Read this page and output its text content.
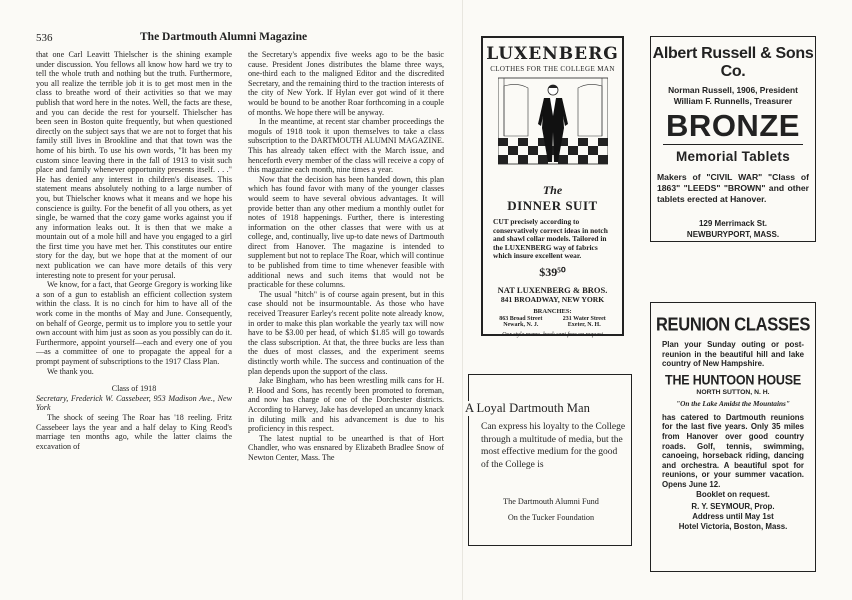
536	The Dartmouth Alumni Magazine

that one Carl Leavitt Thielscher is the shining example under discussion. You fellows all know how hard we try to tell the whole truth and nothing but the truth. Furthermore, you all realize the terrible job it is to get most men in the class to breathe word of their activities so that we may publish that word here in the notes. Well, the facts are these, and you can decide the rest for yourself. Thielscher has been seen in Boston quite frequently, but when questioned directly on the subject says that we are not to forget that his family still lives in Brookline and that that town was the home of his birth. To use his own words, "It has been my custom since leaving there in the fall of 1913 to visit such place and family whenever opportunity presents itself. . . ." He has denied any interest in children's diseases. This statement means absolutely nothing to a large number of you, but Thielscher knows what it means and we hope his conscience is guilty. For the benefit of all you others, as yet single, be warned that the cozy game works against you if any information leaks out. It is then that we make a mountain out of a mole hill and have you engaged to a girl the first time you have met her. This constitutes our entire story for the day, but we hope that at the moment of our next publication we can have more details of this very interesting note to present for your perusal.

We know, for a fact, that George Gregory is working like a son of a gun to establish an efficient collection system within the class. It is no cinch for him to have all of the work come in the months of May and June. Consequently, on behalf of George, permit us to implore you to settle your own account with him just as soon as you possibly can do it. Furthermore, appoint yourself—each and every one of you—as a committee of one to propagate the appeal for a prompt payment of subscriptions to the 1917 Class Plan.

We thank you.

Class of 1918

Secretary, Frederick W. Cassebeer, 953 Madison Ave., New York

The shock of seeing The Roar has '18 reeling. Fritz Cassebeer lays the year and a half delay to King Reod's marriage ten months ago, while the latter claims the excavation of

the Secretary's appendix five weeks ago to be the basic cause. President Jones distributes the blame three ways, one-third each to the maligned Editor and the discredited Secretary, and the remaining third to the traction interests of the city of New York. If Hylan ever got wind of it there would be bound to be another Roar forthcoming in a couple of months. We hope there will be anyway.

In the meantime, at recent star chamber proceedings the moguls of 1918 took it upon themselves to take a class subscription to the DARTMOUTH ALUMNI MAGAZINE. This has already taken effect with the March issue, and henceforth every member of the class will receive a copy of this magazine each month, nine times a year.

Now that the decision has been handed down, this plan which has found favor with many of the younger classes would seem to have several obvious advantages. It will provide better than any other medium a monthly outlet for notes of 1918 happenings. Further, there is interesting information on the other classes that were with us at college, and, continually, live up-to date news of Dartmouth direct from Hanover. The magazine is intended to supplement but not to replace The Roar, which will continue to be published from time to time whenever feasible with additional news and such items that would not be practicable for these columns.

The usual "hitch" is of course again present, but in this case should not be insurmountable. As those who have received Treasurer Earley's recent polite note already know, in order to make this plan workable the yearly tax will now have to be $3.00 per head, of which $1.85 will go towards the class subscription. At that, the three bucks are less than the dues of most classes, and the experiment seems distinctly worth while. The success and continuation of the plan depends upon the support of the class.

Jake Bingham, who has been wrestling milk cans for H. P. Hood and Sons, has recently been promoted to foreman, and now has charge of one of the Dorchester districts. According to Harvey, Jake has developed an uncanny knack in diluting milk and his advancement is due to his proficiency in this respect.

The latest nuptial to be unearthed is that of Hort Chandler, who was ensnared by Elizabeth Bradlee Snow of Newton Center, Mass. The

LUXENBERG
CLOTHES FOR THE COLLEGE MAN
The
DINNER SUIT
CUT precisely according to conservatively correct ideas in notch and shawl collar models. Tailored in the LUXENBERG way of fabrics which insure excellent wear.
$39⁵⁰
NAT LUXENBERG & BROS.
841 BROADWAY, NEW YORK
BRANCHES:
863 Broad Street
Newark, N. J.
231 Water Street
Exeter, N. H.
Our style memo. book sent free on request
Albert Russell & Sons Co.
Norman Russell, 1906, President
William F. Runnells, Treasurer
BRONZE
Memorial Tablets
Makers of "CIVIL WAR" "Class of 1863" "LEEDS" "BROWN" and other tablets erected at Hanover.
129 Merrimack St.
NEWBURYPORT, MASS.
A Loyal Dartmouth Man
Can express his loyalty to the College through a multitude of media, but the most effective medium for the good of the College is
The Dartmouth Alumni Fund
On the Tucker Foundation
REUNION CLASSES
Plan your Sunday outing or post-reunion in the beautiful hill and lake country of New Hampshire.
THE HUNTOON HOUSE
NORTH SUTTON, N. H.
"On the Lake Amidst the Mountains"
has catered to Dartmouth reunions for the last five years. Only 35 miles from Hanover over good country roads. Golf, tennis, swimming, canoeing, horseback riding, dancing and orchestra. A beautiful spot for reunions, or your summer vacation. Opens June 12.
Booklet on request.
R. Y. SEYMOUR, Prop.
Address until May 1st
Hotel Victoria, Boston, Mass.
